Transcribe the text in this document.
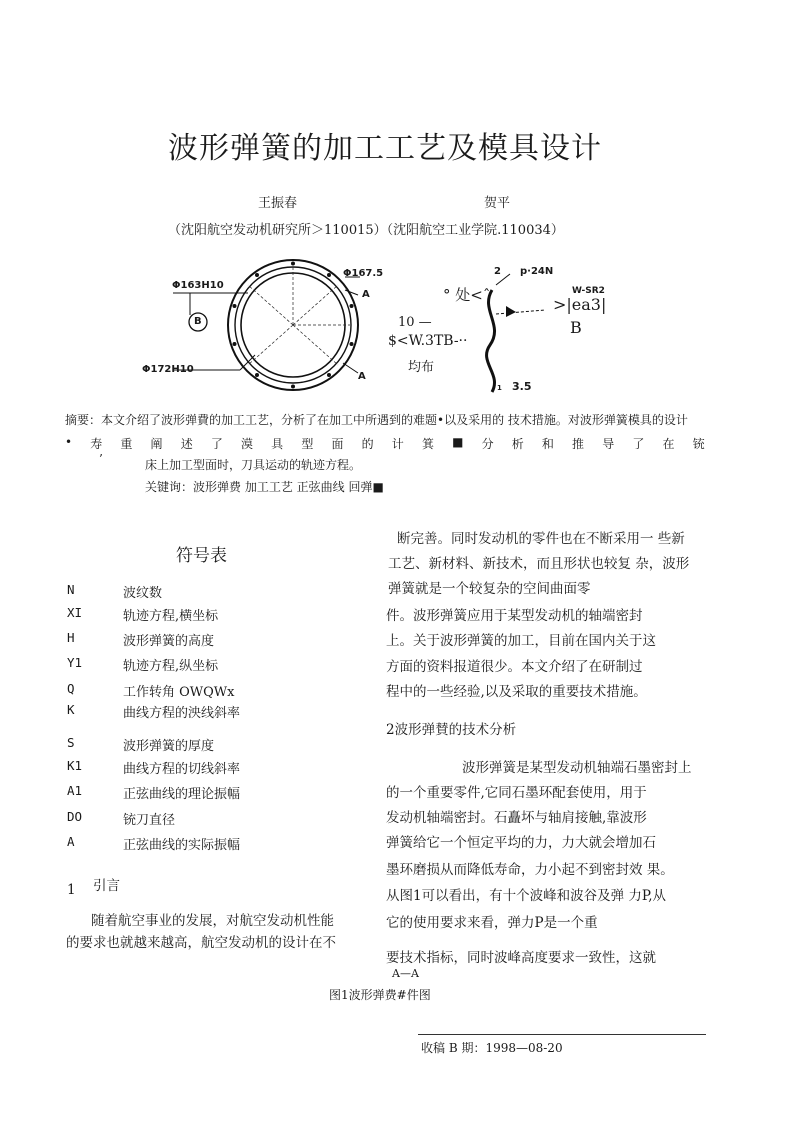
波形弹簧的加工工艺及模具设计
王振春	贺平
（沈阳航空发动机研究所＞110015）（沈阳航空工业学院.110034）
Φ163H10
B
Φ172H10
Φ167.5
A
A
2 p·24N
W-SR2
° 处<ˆ	>|ea3|
B
10 —
$<W.3TB-··
均布
1 3.5
摘要：本文介绍了波形弹費的加工工艺，分析了在加工中所遇到的难题•以及采用的 技术措施。对波形弹簧模具的设计
• 寿 重 阐 述 了 漠 具 型 面 的 计 箕 ■ 分 析 和 推 导 了 在 铳
’	床上加工型面时，刀具运动的轨迹方程。
关键询：波形弹费 加工工艺 正弦曲线 回弹■
符号表
N	波纹数
XI	轨迹方程,横坐标
H	波形弹簧的高度
Y1	轨迹方程,纵坐标
Q	工作转角 OWQWx
K	曲线方程的泱线斜率
S	波形弹簧的厚度
K1	曲线方程的切线斜率
A1	正弦曲线的理论振幅
DO	铳刀直径
A	正弦曲线的实际振幅
1 引言
随着航空事业的发展，对航空发动机性能
的要求也就越来越高，航空发动机的设计在不
断完善。同时发动机的零件也在不断采用一 些新
工艺、新材料、新技术，而且形状也较复 杂，波形
弹簧就是一个较复杂的空间曲面零
件。波形弹簧应用于某型发动机的轴端密封
上。关于波形弹簧的加工，目前在国内关于这
方面的资料报道很少。本文介绍了在研制过
程中的一些经验,以及采取的重要技术措施。
2波形弹賛的技术分析
波形弹簧是某型发动机轴端石墨密封上
的一个重要零件,它同石墨环配套使用，用于
发动机轴端密封。石矗坏与轴肩接触,靠波形
弹簧给它一个恒定平均的力，力大就会增加石
墨环磨损从而降低寿命，力小起不到密封效 果。
从图1可以看出，有十个波峰和波谷及弹 力P,从
它的使用要求来看，弹力P是一个重
要技术指标，同时波峰高度要求一致性，这就
A—A
图1波形弹费#件图
收稿 B 期：1998—08-20
